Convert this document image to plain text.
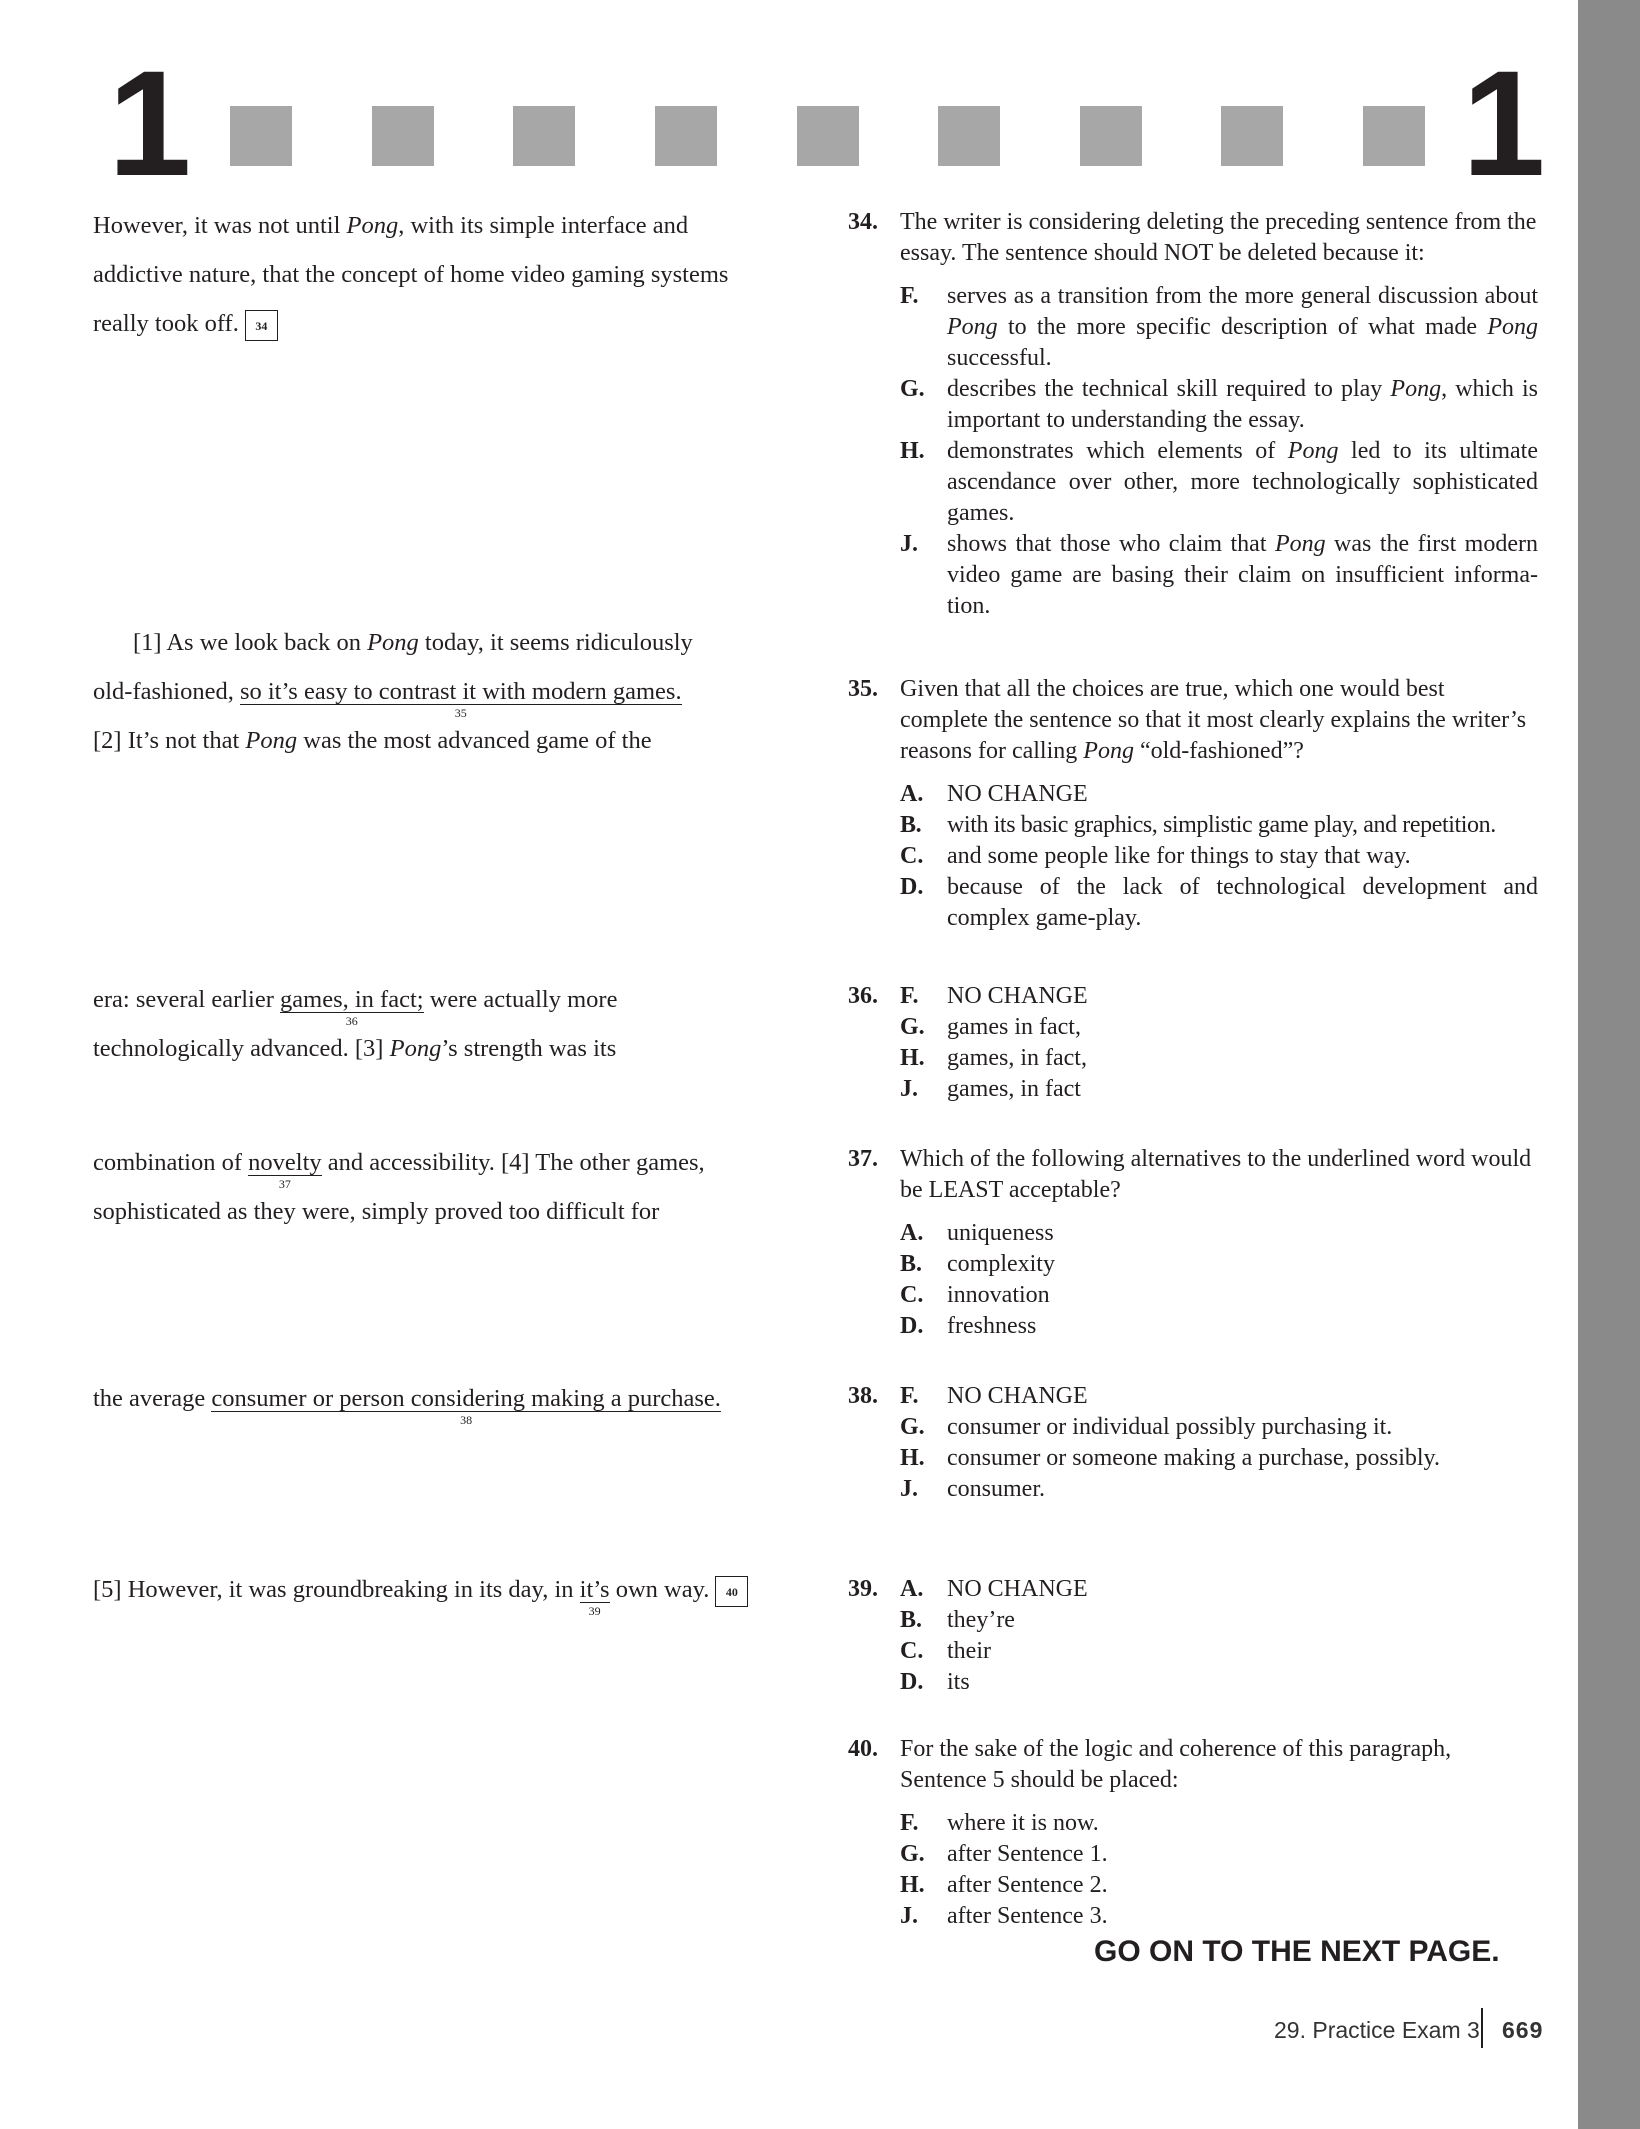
1	1
However, it was not until Pong, with its simple interface and
addictive nature, that the concept of home video gaming systems
really took off. 34
[1] As we look back on Pong today, it seems ridiculously
old-fashioned, so it’s easy to contrast it with modern games.
35
[2] It’s not that Pong was the most advanced game of the
era: several earlier games, in fact;
36
were actually more
technologically advanced. [3] Pong’s strength was its
combination of novelty
37
and accessibility. [4] The other games,
sophisticated as they were, simply proved too difficult for
the average consumer or person considering making a purchase.
38
[5] However, it was groundbreaking in its day, in it’s
39
own way. 40
34. The writer is considering deleting the preceding sentence from the essay. The sentence should NOT be deleted because it:
F. serves as a transition from the more general discussion about Pong to the more specific description of what made Pong successful.
G. describes the technical skill required to play Pong, which is important to understanding the essay.
H. demonstrates which elements of Pong led to its ultimate ascendance over other, more technologically sophisticated games.
J. shows that those who claim that Pong was the first modern video game are basing their claim on insufficient informa-tion.
35. Given that all the choices are true, which one would best complete the sentence so that it most clearly explains the writer’s reasons for calling Pong “old-fashioned”?
A. NO CHANGE
B. with its basic graphics, simplistic game play, and repetition.
C. and some people like for things to stay that way.
D. because of the lack of technological development and complex game-play.
36. F. NO CHANGE
G. games in fact,
H. games, in fact,
J. games, in fact
37. Which of the following alternatives to the underlined word would be LEAST acceptable?
A. uniqueness
B. complexity
C. innovation
D. freshness
38. F. NO CHANGE
G. consumer or individual possibly purchasing it.
H. consumer or someone making a purchase, possibly.
J. consumer.
39. A. NO CHANGE
B. they’re
C. their
D. its
40. For the sake of the logic and coherence of this paragraph, Sentence 5 should be placed:
F. where it is now.
G. after Sentence 1.
H. after Sentence 2.
J. after Sentence 3.
GO ON TO THE NEXT PAGE.
29. Practice Exam 3 669
